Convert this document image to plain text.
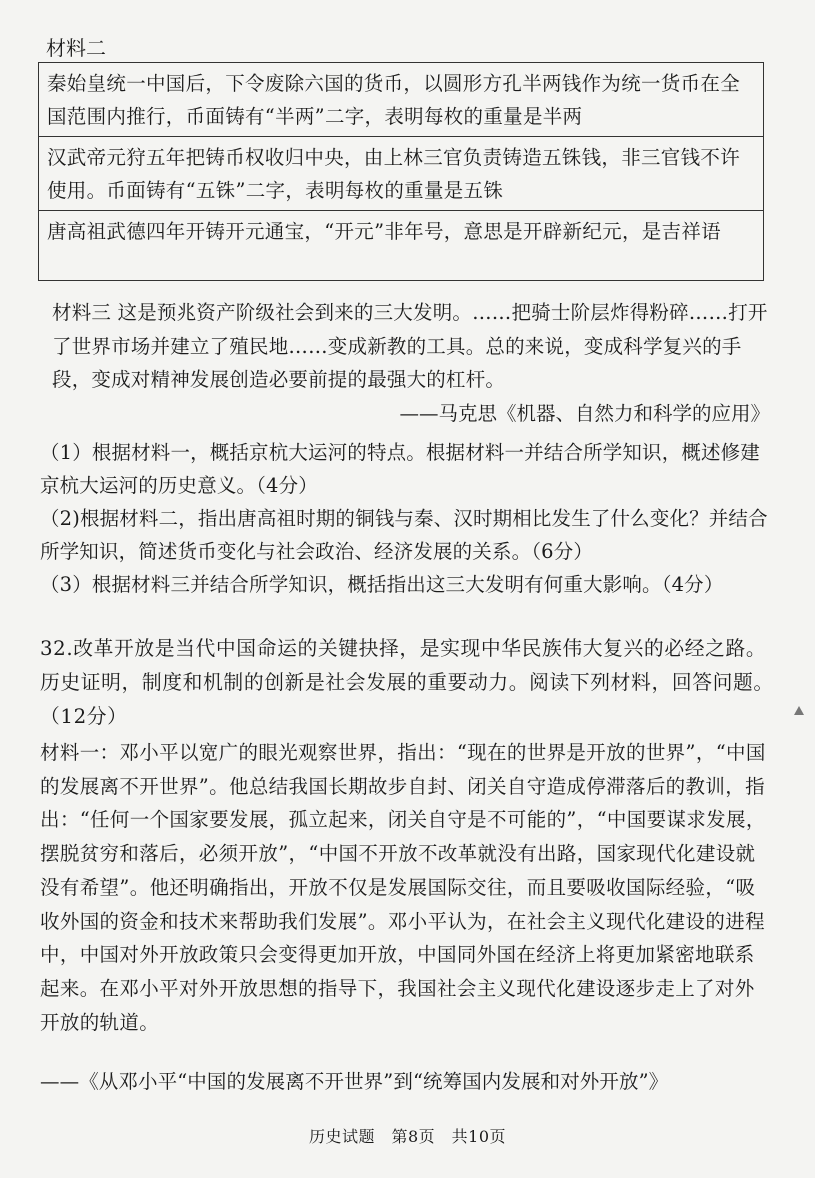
材料二
秦始皇统一中国后，下令废除六国的货币，以圆形方孔半两钱作为统一货币在全国范围内推行，币面铸有“半两”二字，表明每枚的重量是半两
汉武帝元狩五年把铸币权收归中央，由上林三官负责铸造五铢钱，非三官钱不许使用。币面铸有“五铢”二字，表明每枚的重量是五铢
唐高祖武德四年开铸开元通宝，“开元”非年号，意思是开辟新纪元，是吉祥语

材料三 这是预兆资产阶级社会到来的三大发明。……把骑士阶层炸得粉碎……打开了世界市场并建立了殖民地……变成新教的工具。总的来说，变成科学复兴的手段，变成对精神发展创造必要前提的最强大的杠杆。

——马克思《机器、自然力和科学的应用》

（1）根据材料一，概括京杭大运河的特点。根据材料一并结合所学知识，概述修建京杭大运河的历史意义。（4分）

（2)根据材料二，指出唐高祖时期的铜钱与秦、汉时期相比发生了什么变化？并结合所学知识，简述货币变化与社会政治、经济发展的关系。（6分）

（3）根据材料三并结合所学知识，概括指出这三大发明有何重大影响。（4分）

32.改革开放是当代中国命运的关键抉择，是实现中华民族伟大复兴的必经之路。历史证明，制度和机制的创新是社会发展的重要动力。阅读下列材料，回答问题。（12分）

材料一：邓小平以宽广的眼光观察世界，指出：“现在的世界是开放的世界”，“中国的发展离不开世界”。他总结我国长期故步自封、闭关自守造成停滞落后的教训，指出：“任何一个国家要发展，孤立起来，闭关自守是不可能的”，“中国要谋求发展，摆脱贫穷和落后，必须开放”，“中国不开放不改革就没有出路，国家现代化建设就没有希望”。他还明确指出，开放不仅是发展国际交往，而且要吸收国际经验，“吸收外国的资金和技术来帮助我们发展”。邓小平认为，在社会主义现代化建设的进程中，中国对外开放政策只会变得更加开放，中国同外国在经济上将更加紧密地联系起来。在邓小平对外开放思想的指导下，我国社会主义现代化建设逐步走上了对外开放的轨道。

——《从邓小平“中国的发展离不开世界”到“统筹国内发展和对外开放”》
历史试题　第8页　共10页
